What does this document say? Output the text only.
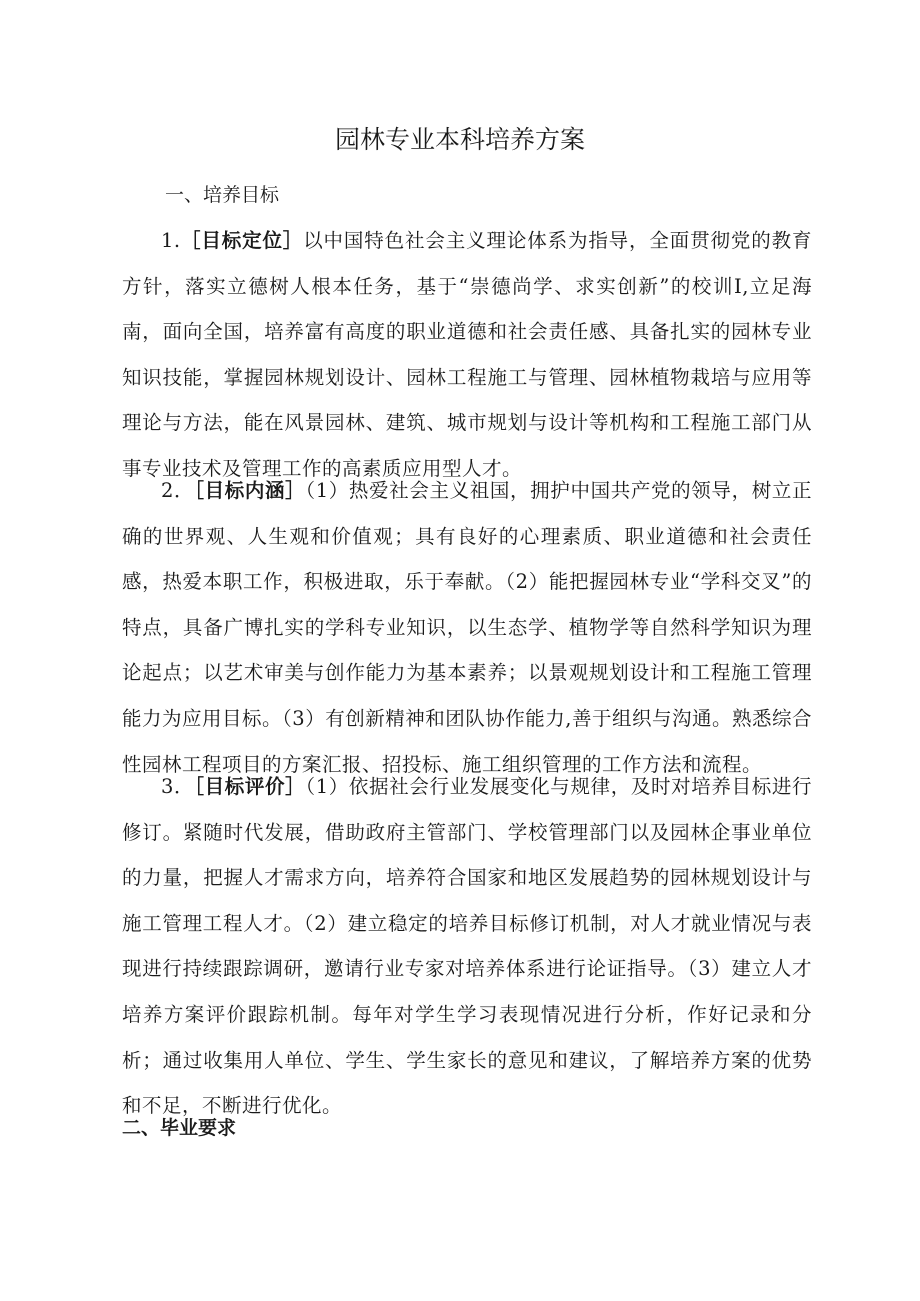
园林专业本科培养方案
一、培养目标

1.［目标定位］以中国特色社会主义理论体系为指导，全面贯彻党的教育方针，落实立德树人根本任务，基于“崇德尚学、求实创新”的校训I,立足海南，面向全国，培养富有高度的职业道德和社会责任感、具备扎实的园林专业知识技能，掌握园林规划设计、园林工程施工与管理、园林植物栽培与应用等理论与方法，能在风景园林、建筑、城市规划与设计等机构和工程施工部门从事专业技术及管理工作的高素质应用型人才。

2．［目标内涵］（1）热爱社会主义祖国，拥护中国共产党的领导，树立正确的世界观、人生观和价值观；具有良好的心理素质、职业道德和社会责任感，热爱本职工作，积极进取，乐于奉献。（2）能把握园林专业“学科交叉”的特点，具备广博扎实的学科专业知识，以生态学、植物学等自然科学知识为理论起点；以艺术审美与创作能力为基本素养；以景观规划设计和工程施工管理能力为应用目标。（3）有创新精神和团队协作能力,善于组织与沟通。熟悉综合性园林工程项目的方案汇报、招投标、施工组织管理的工作方法和流程。

3．［目标评价］（1）依据社会行业发展变化与规律，及时对培养目标进行修订。紧随时代发展，借助政府主管部门、学校管理部门以及园林企事业单位的力量，把握人才需求方向，培养符合国家和地区发展趋势的园林规划设计与施工管理工程人才。（2）建立稳定的培养目标修订机制，对人才就业情况与表现进行持续跟踪调研，邀请行业专家对培养体系进行论证指导。（3）建立人才培养方案评价跟踪机制。每年对学生学习表现情况进行分析，作好记录和分析；通过收集用人单位、学生、学生家长的意见和建议，了解培养方案的优势和不足，不断进行优化。

二、毕业要求
